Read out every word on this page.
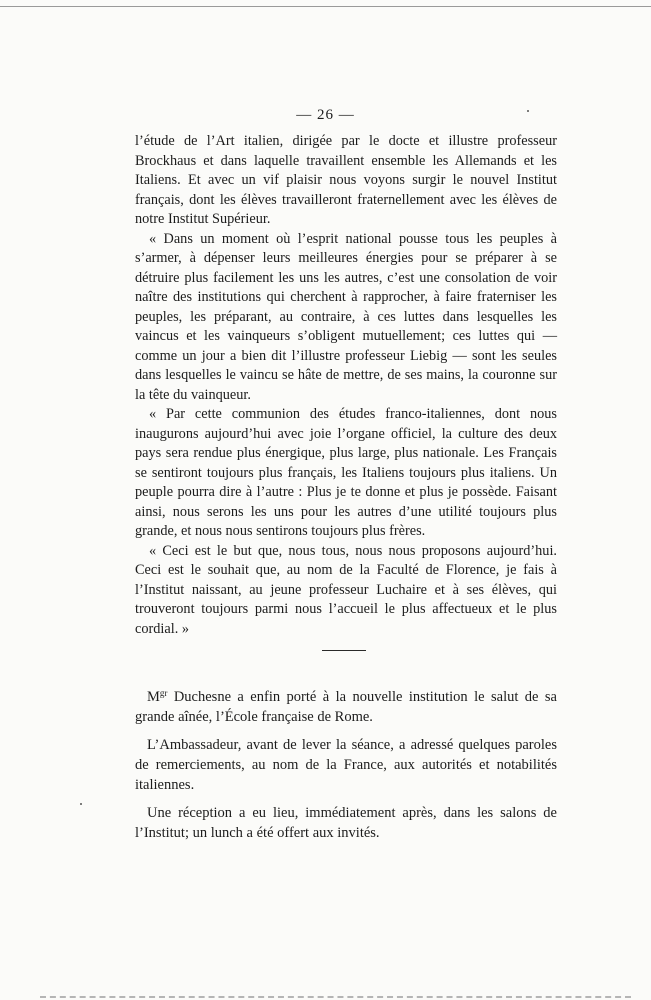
— 26 —

l’étude de l’Art italien, dirigée par le docte et illustre professeur Brockhaus et dans laquelle travaillent ensemble les Allemands et les Italiens. Et avec un vif plaisir nous voyons surgir le nouvel Institut français, dont les élèves travailleront fraternellement avec les élèves de notre Institut Supérieur.

« Dans un moment où l’esprit national pousse tous les peuples à s’armer, à dépenser leurs meilleures énergies pour se préparer à se détruire plus facilement les uns les autres, c’est une consolation de voir naître des institutions qui cherchent à rapprocher, à faire fraterniser les peuples, les préparant, au contraire, à ces luttes dans lesquelles les vaincus et les vainqueurs s’obligent mutuellement; ces luttes qui — comme un jour a bien dit l’illustre professeur Liebig — sont les seules dans lesquelles le vaincu se hâte de mettre, de ses mains, la couronne sur la tête du vainqueur.

« Par cette communion des études franco-italiennes, dont nous inaugurons aujourd’hui avec joie l’organe officiel, la culture des deux pays sera rendue plus énergique, plus large, plus nationale. Les Français se sentiront toujours plus français, les Italiens toujours plus italiens. Un peuple pourra dire à l’autre : Plus je te donne et plus je possède. Faisant ainsi, nous serons les uns pour les autres d’une utilité toujours plus grande, et nous nous sentirons toujours plus frères.

« Ceci est le but que, nous tous, nous nous proposons aujourd’hui. Ceci est le souhait que, au nom de la Faculté de Florence, je fais à l’Institut naissant, au jeune professeur Luchaire et à ses élèves, qui trouveront toujours parmi nous l’accueil le plus affectueux et le plus cordial. »

$M^{gr}$ Duchesne a enfin porté à la nouvelle institution le salut de sa grande aînée, l’École française de Rome.

L’Ambassadeur, avant de lever la séance, a adressé quelques paroles de remerciements, au nom de la France, aux autorités et notabilités italiennes.

Une réception a eu lieu, immédiatement après, dans les salons de l’Institut; un lunch a été offert aux invités.
